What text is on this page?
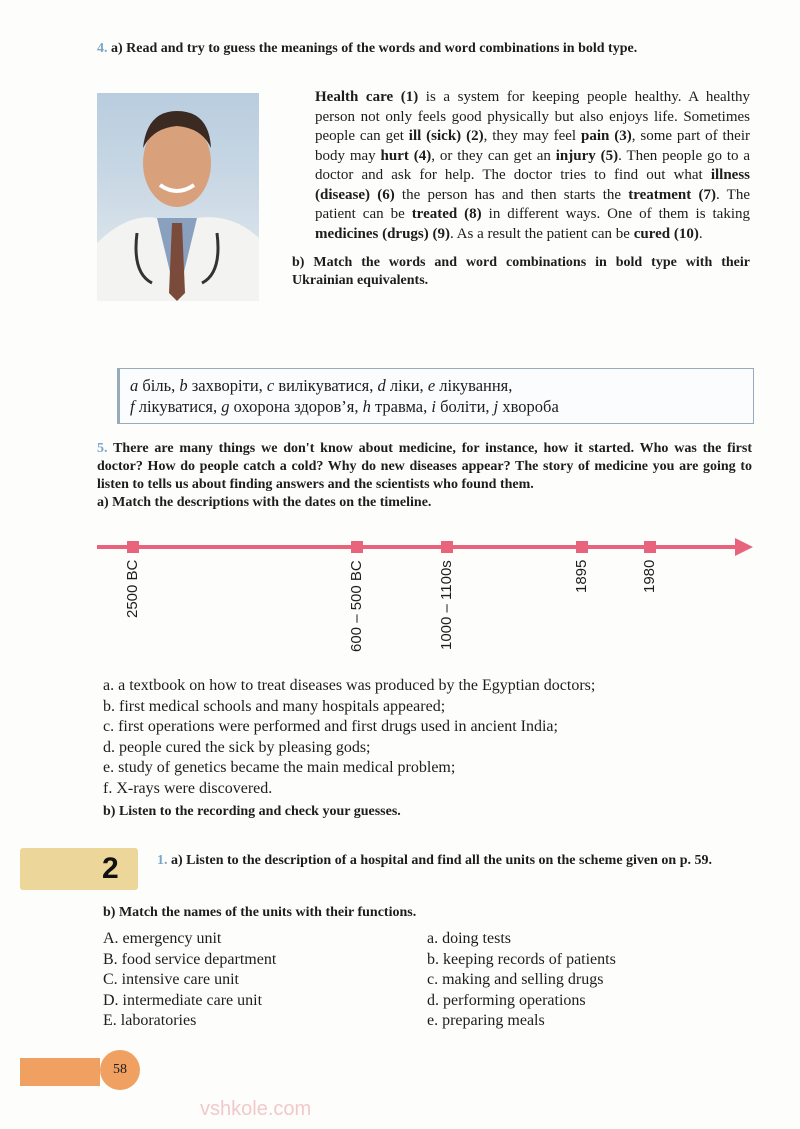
vshkole.com
4. a) Read and try to guess the meanings of the words and word combinations in bold type.
Health care (1) is a system for keeping people healthy. A healthy person not only feels good physically but also enjoys life. Sometimes people can get ill (sick) (2), they may feel pain (3), some part of their body may hurt (4), or they can get an injury (5). Then people go to a doctor and ask for help. The doctor tries to find out what illness (disease) (6) the person has and then starts the treatment (7). The patient can be treated (8) in different ways. One of them is taking medicines (drugs) (9). As a result the patient can be cured (10).
b) Match the words and word combinations in bold type with their Ukrainian equivalents.
a біль, b захворіти, c вилікуватися, d ліки, e лікування,
f лікуватися, g охорона здоров’я, h травма, i боліти, j хвороба
5. There are many things we don't know about medicine, for instance, how it started. Who was the first doctor? How do people catch a cold? Why do new diseases appear? The story of medicine you are going to listen to tells us about finding answers and the scientists who found them.
a) Match the descriptions with the dates on the timeline.
2500 BC	600 – 500 BC	1000 – 1100s	1895	1980
a. a textbook on how to treat diseases was produced by the Egyptian doctors;
b. first medical schools and many hospitals appeared;
c. first operations were performed and first drugs used in ancient India;
d. people cured the sick by pleasing gods;
e. study of genetics became the main medical problem;
f. X-rays were discovered.
b) Listen to the recording and check your guesses.
2	1. a) Listen to the description of a hospital and find all the units on the scheme given on p. 59.
b) Match the names of the units with their functions.
A. emergency unit
B. food service department
C. intensive care unit
D. intermediate care unit
E. laboratories
a. doing tests
b. keeping records of patients
c. making and selling drugs
d. performing operations
e. preparing meals
58
